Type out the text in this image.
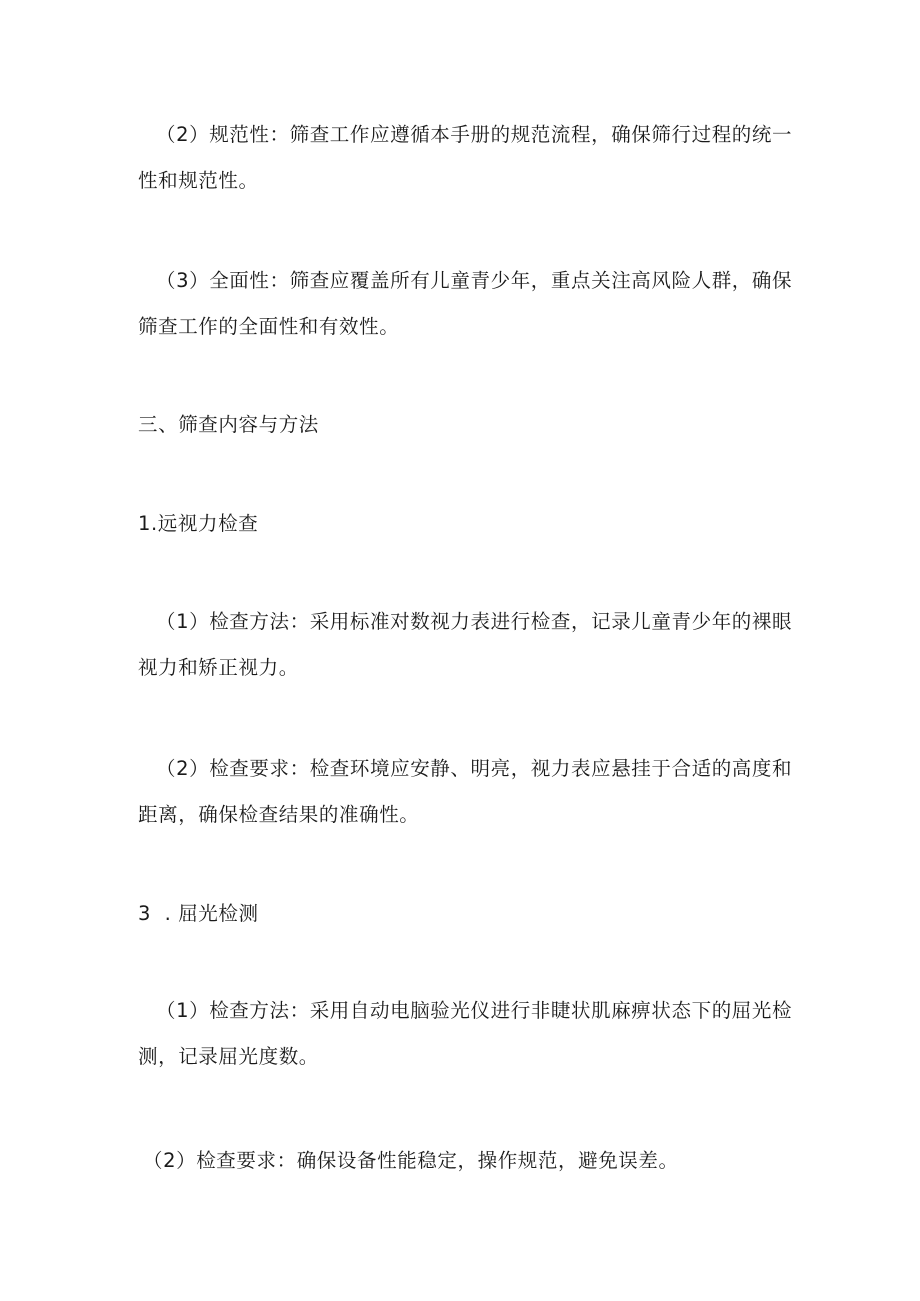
（2）规范性：筛查工作应遵循本手册的规范流程，确保筛行过程的统一
性和规范性。
（3）全面性：筛查应覆盖所有儿童青少年，重点关注高风险人群，确保
筛查工作的全面性和有效性。
三、筛查内容与方法
1.远视力检查
（1）检查方法：采用标准对数视力表进行检查，记录儿童青少年的裸眼
视力和矫正视力。
（2）检查要求：检查环境应安静、明亮，视力表应悬挂于合适的高度和
距离，确保检查结果的准确性。
3  . 屈光检测
（1）检查方法：采用自动电脑验光仪进行非睫状肌麻痹状态下的屈光检
测，记录屈光度数。
（2）检查要求：确保设备性能稳定，操作规范，避免误差。
